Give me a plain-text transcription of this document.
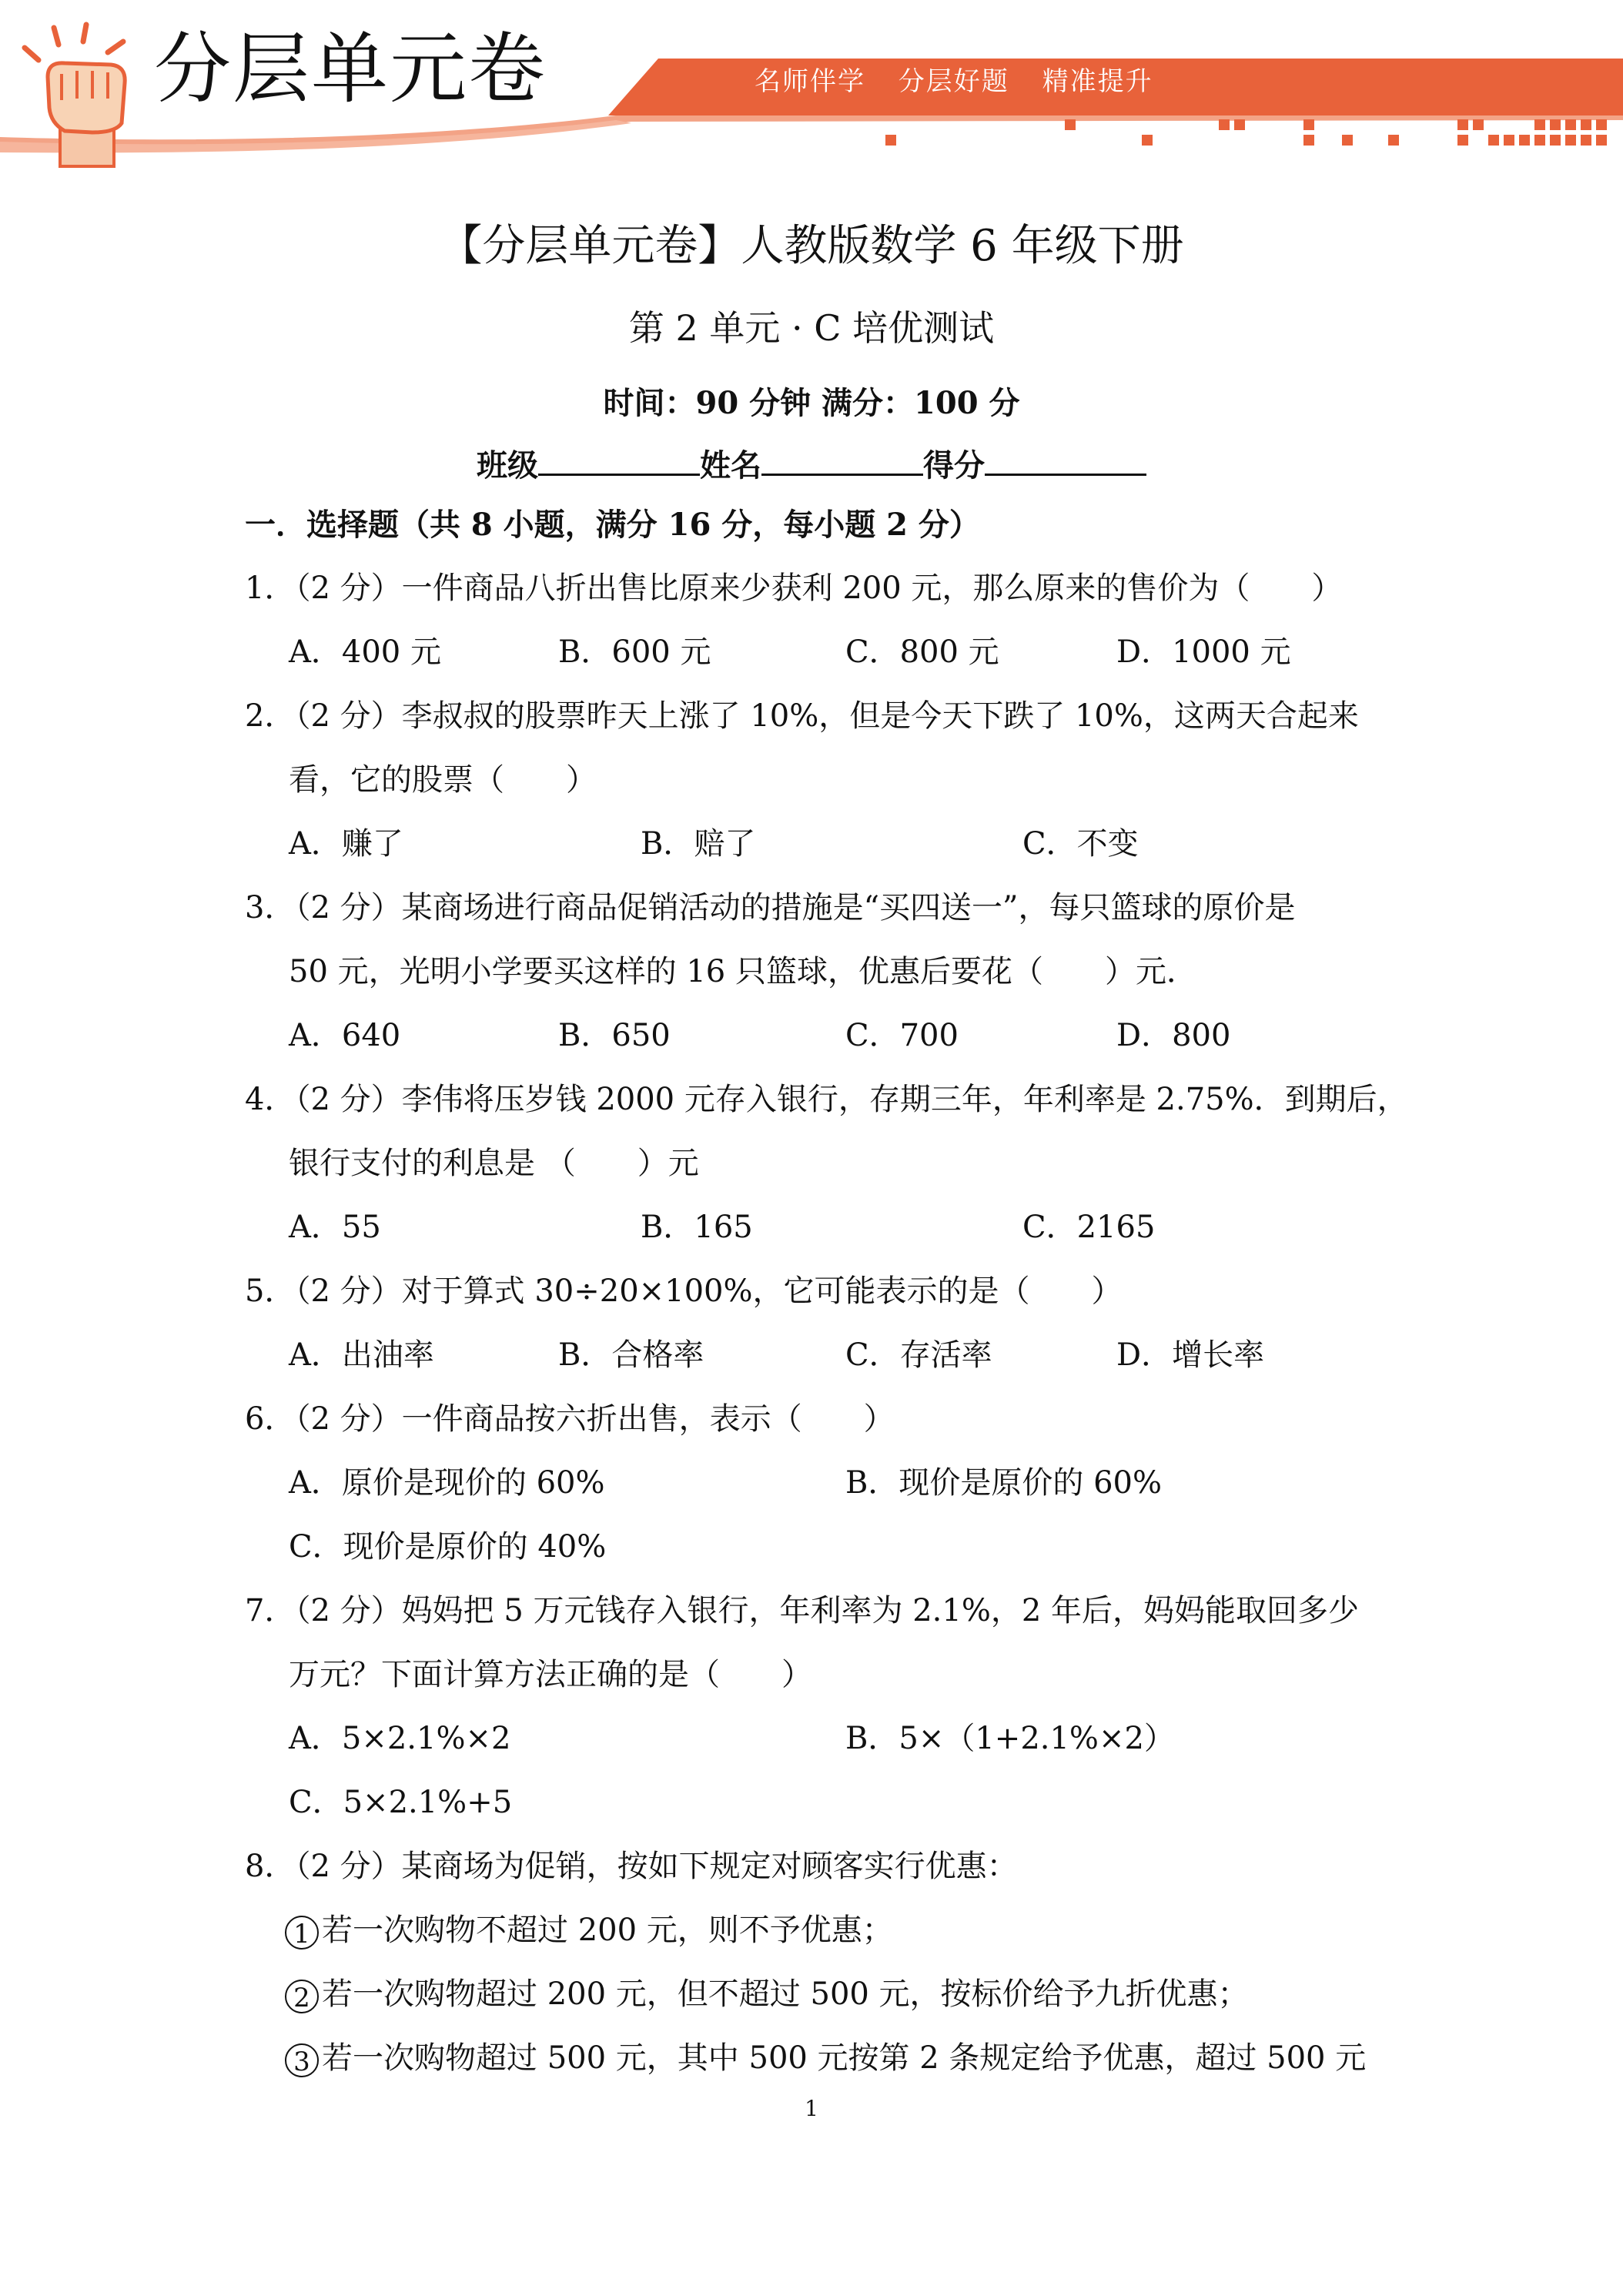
分层单元卷	名师伴学 分层好题 精准提升
【分层单元卷】人教版数学 6 年级下册
第 2 单元 · C 培优测试
时间：90 分钟 满分：100 分
班级	姓名	得分
一．选择题（共 8 小题，满分 16 分，每小题 2 分）
1．（2 分）一件商品八折出售比原来少获利 200 元，那么原来的售价为（　　）
A．400 元	B．600 元	C．800 元	D．1000 元
2．（2 分）李叔叔的股票昨天上涨了 10%，但是今天下跌了 10%，这两天合起来
看，它的股票（　　）
A．赚了	B．赔了	C．不变
3．（2 分）某商场进行商品促销活动的措施是“买四送一”，每只篮球的原价是
50 元，光明小学要买这样的 16 只篮球，优惠后要花（　　）元．
A．640	B．650	C．700	D．800
4．（2 分）李伟将压岁钱 2000 元存入银行，存期三年，年利率是 2.75%．到期后，
银行支付的利息是 （　　）元
A．55	B．165	C．2165
5．（2 分）对于算式 30÷20×100%，它可能表示的是（　　）
A．出油率	B．合格率	C．存活率	D．增长率
6．（2 分）一件商品按六折出售，表示（　　）
A．原价是现价的 60%	B．现价是原价的 60%
C．现价是原价的 40%
7．（2 分）妈妈把 5 万元钱存入银行，年利率为 2.1%，2 年后，妈妈能取回多少
万元？下面计算方法正确的是（　　）
A．5×2.1%×2	B．5×（1+2.1%×2）
C．5×2.1%+5
8．（2 分）某商场为促销，按如下规定对顾客实行优惠：
1 若一次购物不超过 200 元，则不予优惠；
2 若一次购物超过 200 元，但不超过 500 元，按标价给予九折优惠；
3 若一次购物超过 500 元，其中 500 元按第 2 条规定给予优惠，超过 500 元
1
